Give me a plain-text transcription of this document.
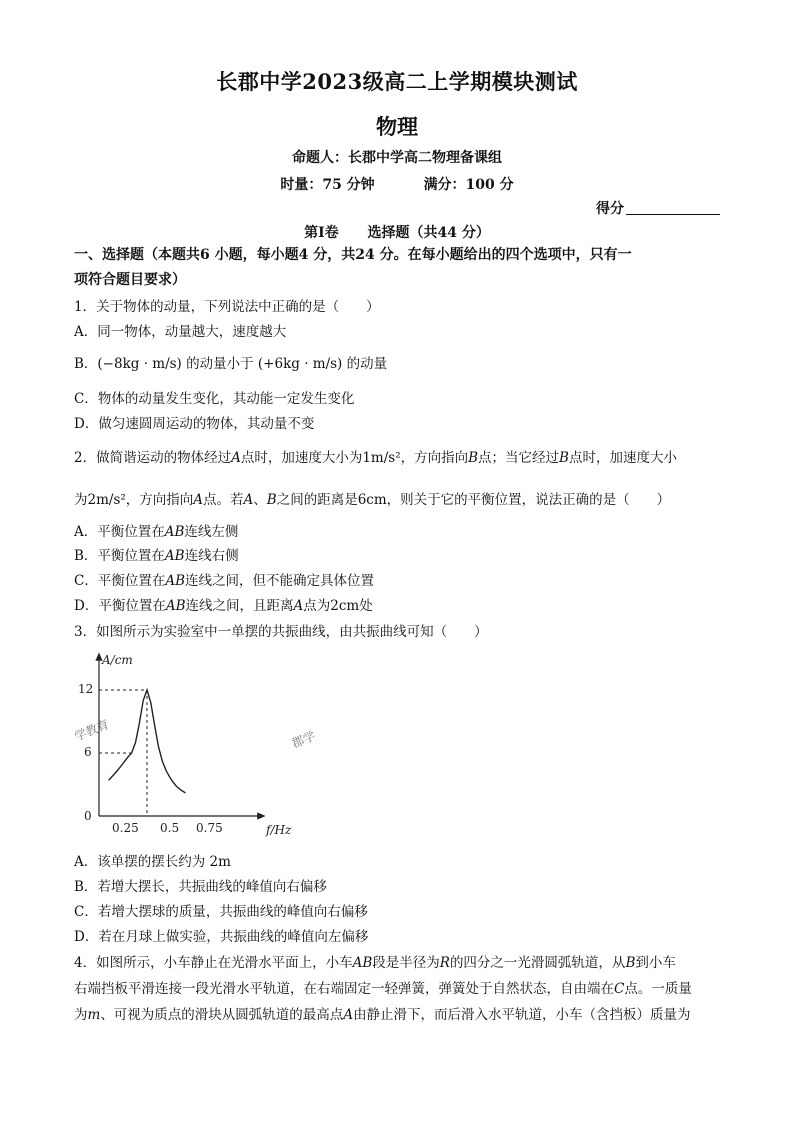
长郡中学2023级高二上学期模块测试
物理
命题人：长郡中学高二物理备课组
时量：75 分钟	满分：100 分
得分
第Ⅰ卷 选择题（共44 分）
一、选择题（本题共6 小题，每小题4 分，共24 分。在每小题给出的四个选项中，只有一
项符合题目要求）
1．关于物体的动量，下列说法中正确的是（　　）
A．同一物体，动量越大，速度越大
B．(−8kg · m/s) 的动量小于 (+6kg · m/s) 的动量
C．物体的动量发生变化，其动能一定发生变化
D．做匀速圆周运动的物体，其动量不变
2．做简谐运动的物体经过A点时，加速度大小为1m/s²，方向指向B点；当它经过B点时，加速度大小
为2m/s²，方向指向A点。若A、B之间的距离是6cm，则关于它的平衡位置，说法正确的是（　　）
A．平衡位置在AB连线左侧
B．平衡位置在AB连线右侧
C．平衡位置在AB连线之间，但不能确定具体位置
D．平衡位置在AB连线之间，且距离A点为2cm处
3．如图所示为实验室中一单摆的共振曲线，由共振曲线可知（　　）
学教育	郡学
A/cm
f/Hz
0
6
12
0.25 0.5 0.75
A．该单摆的摆长约为 2m
B．若增大摆长，共振曲线的峰值向右偏移
C．若增大摆球的质量，共振曲线的峰值向右偏移
D．若在月球上做实验，共振曲线的峰值向左偏移
4．如图所示，小车静止在光滑水平面上，小车AB段是半径为R的四分之一光滑圆弧轨道，从B到小车
右端挡板平滑连接一段光滑水平轨道，在右端固定一轻弹簧，弹簧处于自然状态，自由端在C点。一质量
为m、可视为质点的滑块从圆弧轨道的最高点A由静止滑下，而后滑入水平轨道，小车（含挡板）质量为
